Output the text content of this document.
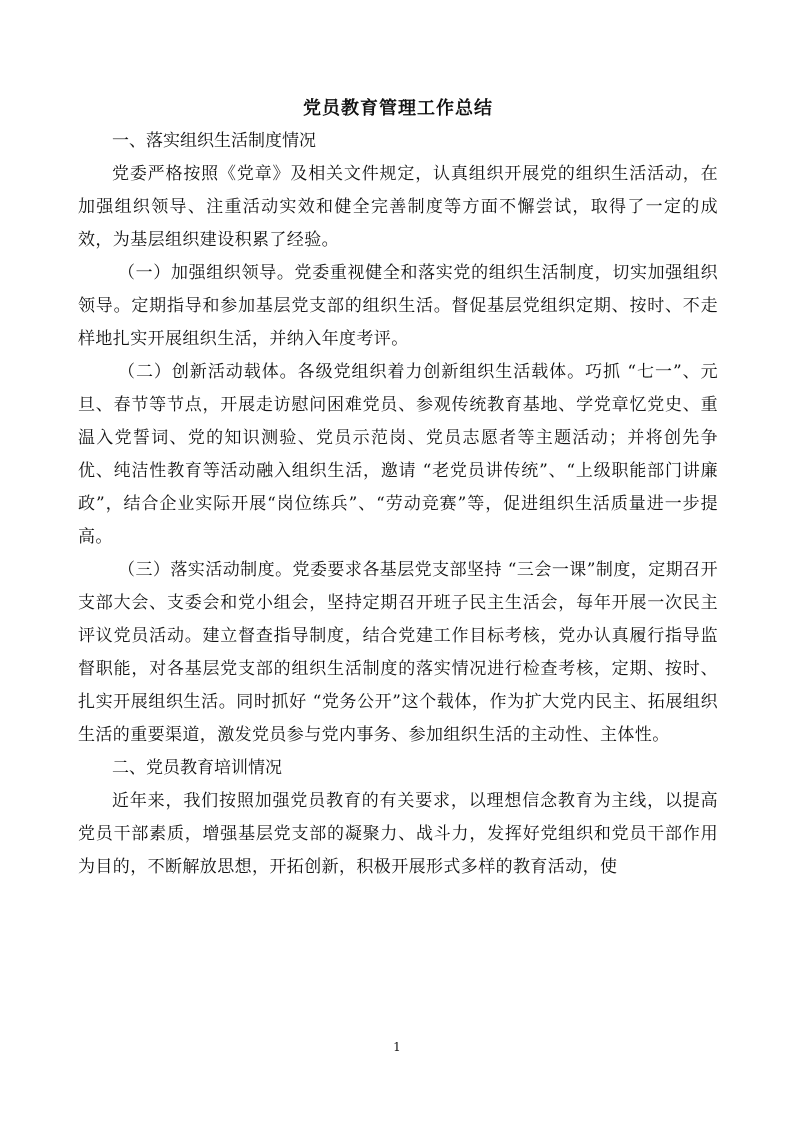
党员教育管理工作总结

一、落实组织生活制度情况

党委严格按照《党章》及相关文件规定，认真组织开展党的组织生活活动，在加强组织领导、注重活动实效和健全完善制度等方面不懈尝试，取得了一定的成效，为基层组织建设积累了经验。

（一）加强组织领导。党委重视健全和落实党的组织生活制度，切实加强组织领导。定期指导和参加基层党支部的组织生活。督促基层党组织定期、按时、不走样地扎实开展组织生活，并纳入年度考评。

（二）创新活动载体。各级党组织着力创新组织生活载体。巧抓 “七一”、元旦、春节等节点，开展走访慰问困难党员、参观传统教育基地、学党章忆党史、重温入党誓词、党的知识测验、党员示范岗、党员志愿者等主题活动；并将创先争优、纯洁性教育等活动融入组织生活，邀请 “老党员讲传统”、“上级职能部门讲廉政”，结合企业实际开展“岗位练兵”、“劳动竞赛”等，促进组织生活质量进一步提高。

（三）落实活动制度。党委要求各基层党支部坚持 “三会一课”制度，定期召开支部大会、支委会和党小组会，坚持定期召开班子民主生活会，每年开展一次民主评议党员活动。建立督查指导制度，结合党建工作目标考核，党办认真履行指导监督职能，对各基层党支部的组织生活制度的落实情况进行检查考核，定期、按时、扎实开展组织生活。同时抓好 “党务公开”这个载体，作为扩大党内民主、拓展组织生活的重要渠道，激发党员参与党内事务、参加组织生活的主动性、主体性。

二、党员教育培训情况

近年来，我们按照加强党员教育的有关要求，以理想信念教育为主线，以提高党员干部素质，增强基层党支部的凝聚力、战斗力，发挥好党组织和党员干部作用为目的，不断解放思想，开拓创新，积极开展形式多样的教育活动，使

1
